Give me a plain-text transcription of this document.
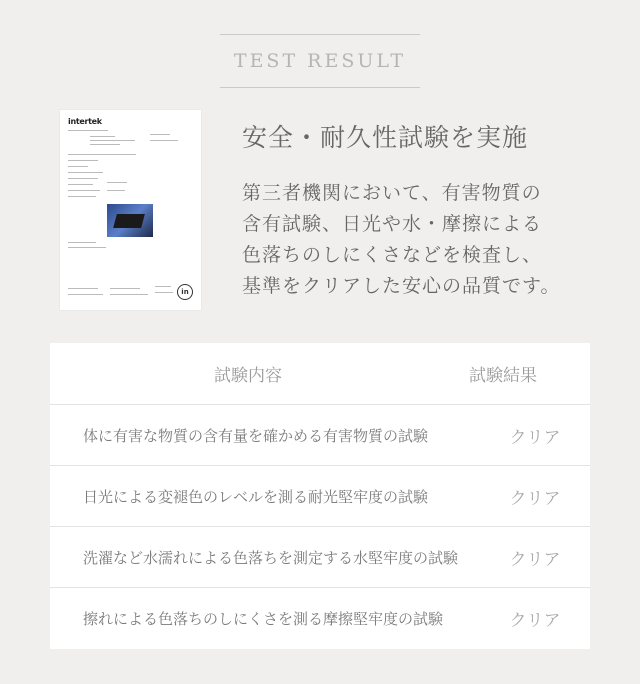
TEST RESULT
intertek
in
安全・耐久性試験を実施
第三者機関において、有害物質の
含有試験、日光や水・摩擦による
色落ちのしにくさなどを検査し、
基準をクリアした安心の品質です。
試験内容	試験結果
体に有害な物質の含有量を確かめる有害物質の試験	クリア
日光による変褪色のレベルを測る耐光堅牢度の試験	クリア
洗濯など水濡れによる色落ちを測定する水堅牢度の試験	クリア
擦れによる色落ちのしにくさを測る摩擦堅牢度の試験	クリア
